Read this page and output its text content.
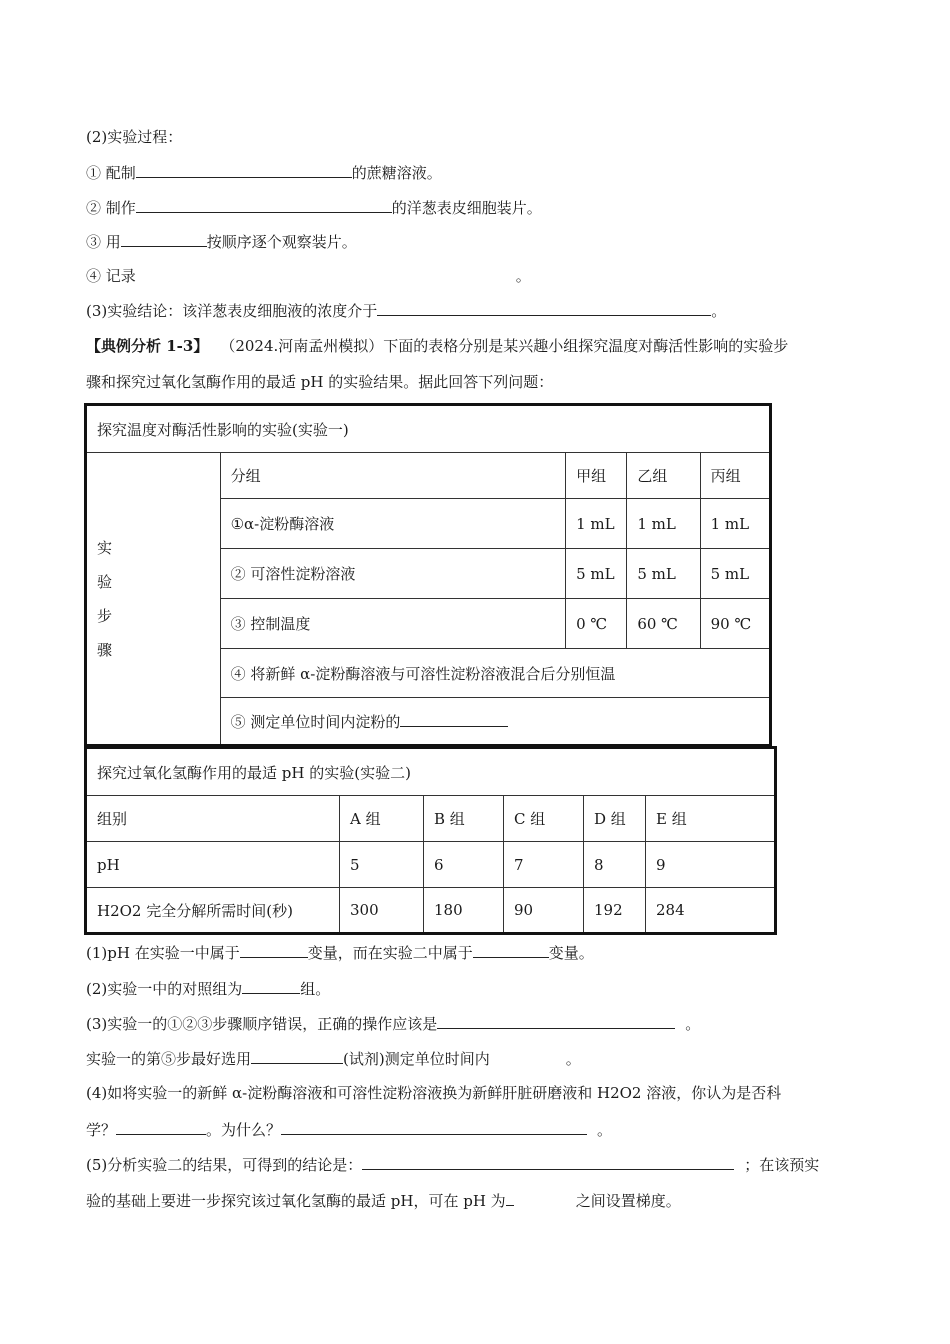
(2)实验过程：
① 配制	的蔗糖溶液。
② 制作	的洋葱表皮细胞装片。
③ 用	按顺序逐个观察装片。
④ 记录	。
(3)实验结论：该洋葱表皮细胞液的浓度介于	。
【典例分析 1-3】 （2024.河南孟州模拟）下面的表格分别是某兴趣小组探究温度对酶活性影响的实验步
骤和探究过氧化氢酶作用的最适 pH 的实验结果。据此回答下列问题：
探究温度对酶活性影响的实验(实验一)				

实
验
步
骤	分组	甲组	乙组	丙组
	①α-淀粉酶溶液	1 mL	1 mL	1 mL
	② 可溶性淀粉溶液	5 mL	5 mL	5 mL
	③ 控制温度	0 ℃	60 ℃	90 ℃
	④ 将新鲜 α-淀粉酶溶液与可溶性淀粉溶液混合后分别恒温			
	⑤ 测定单位时间内淀粉的			
探究过氧化氢酶作用的最适 pH 的实验(实验二)					
组别	A 组	B 组	C 组	D 组	E 组
pH	5	6	7	8	9
H2O2 完全分解所需时间(秒)	300	180	90	192	284
(1)pH 在实验一中属于	变量，而在实验二中属于	变量。
(2)实验一中的对照组为	组。
(3)实验一的①②③步骤顺序错误，正确的操作应该是	。
实验一的第⑤步最好选用	(试剂)测定单位时间内	。
(4)如将实验一的新鲜 α-淀粉酶溶液和可溶性淀粉溶液换为新鲜肝脏研磨液和 H2O2 溶液，你认为是否科
学？	。为什么？	。
(5)分析实验二的结果，可得到的结论是：	；在该预实
验的基础上要进一步探究该过氧化氢酶的最适 pH，可在 pH 为	之间设置梯度。
